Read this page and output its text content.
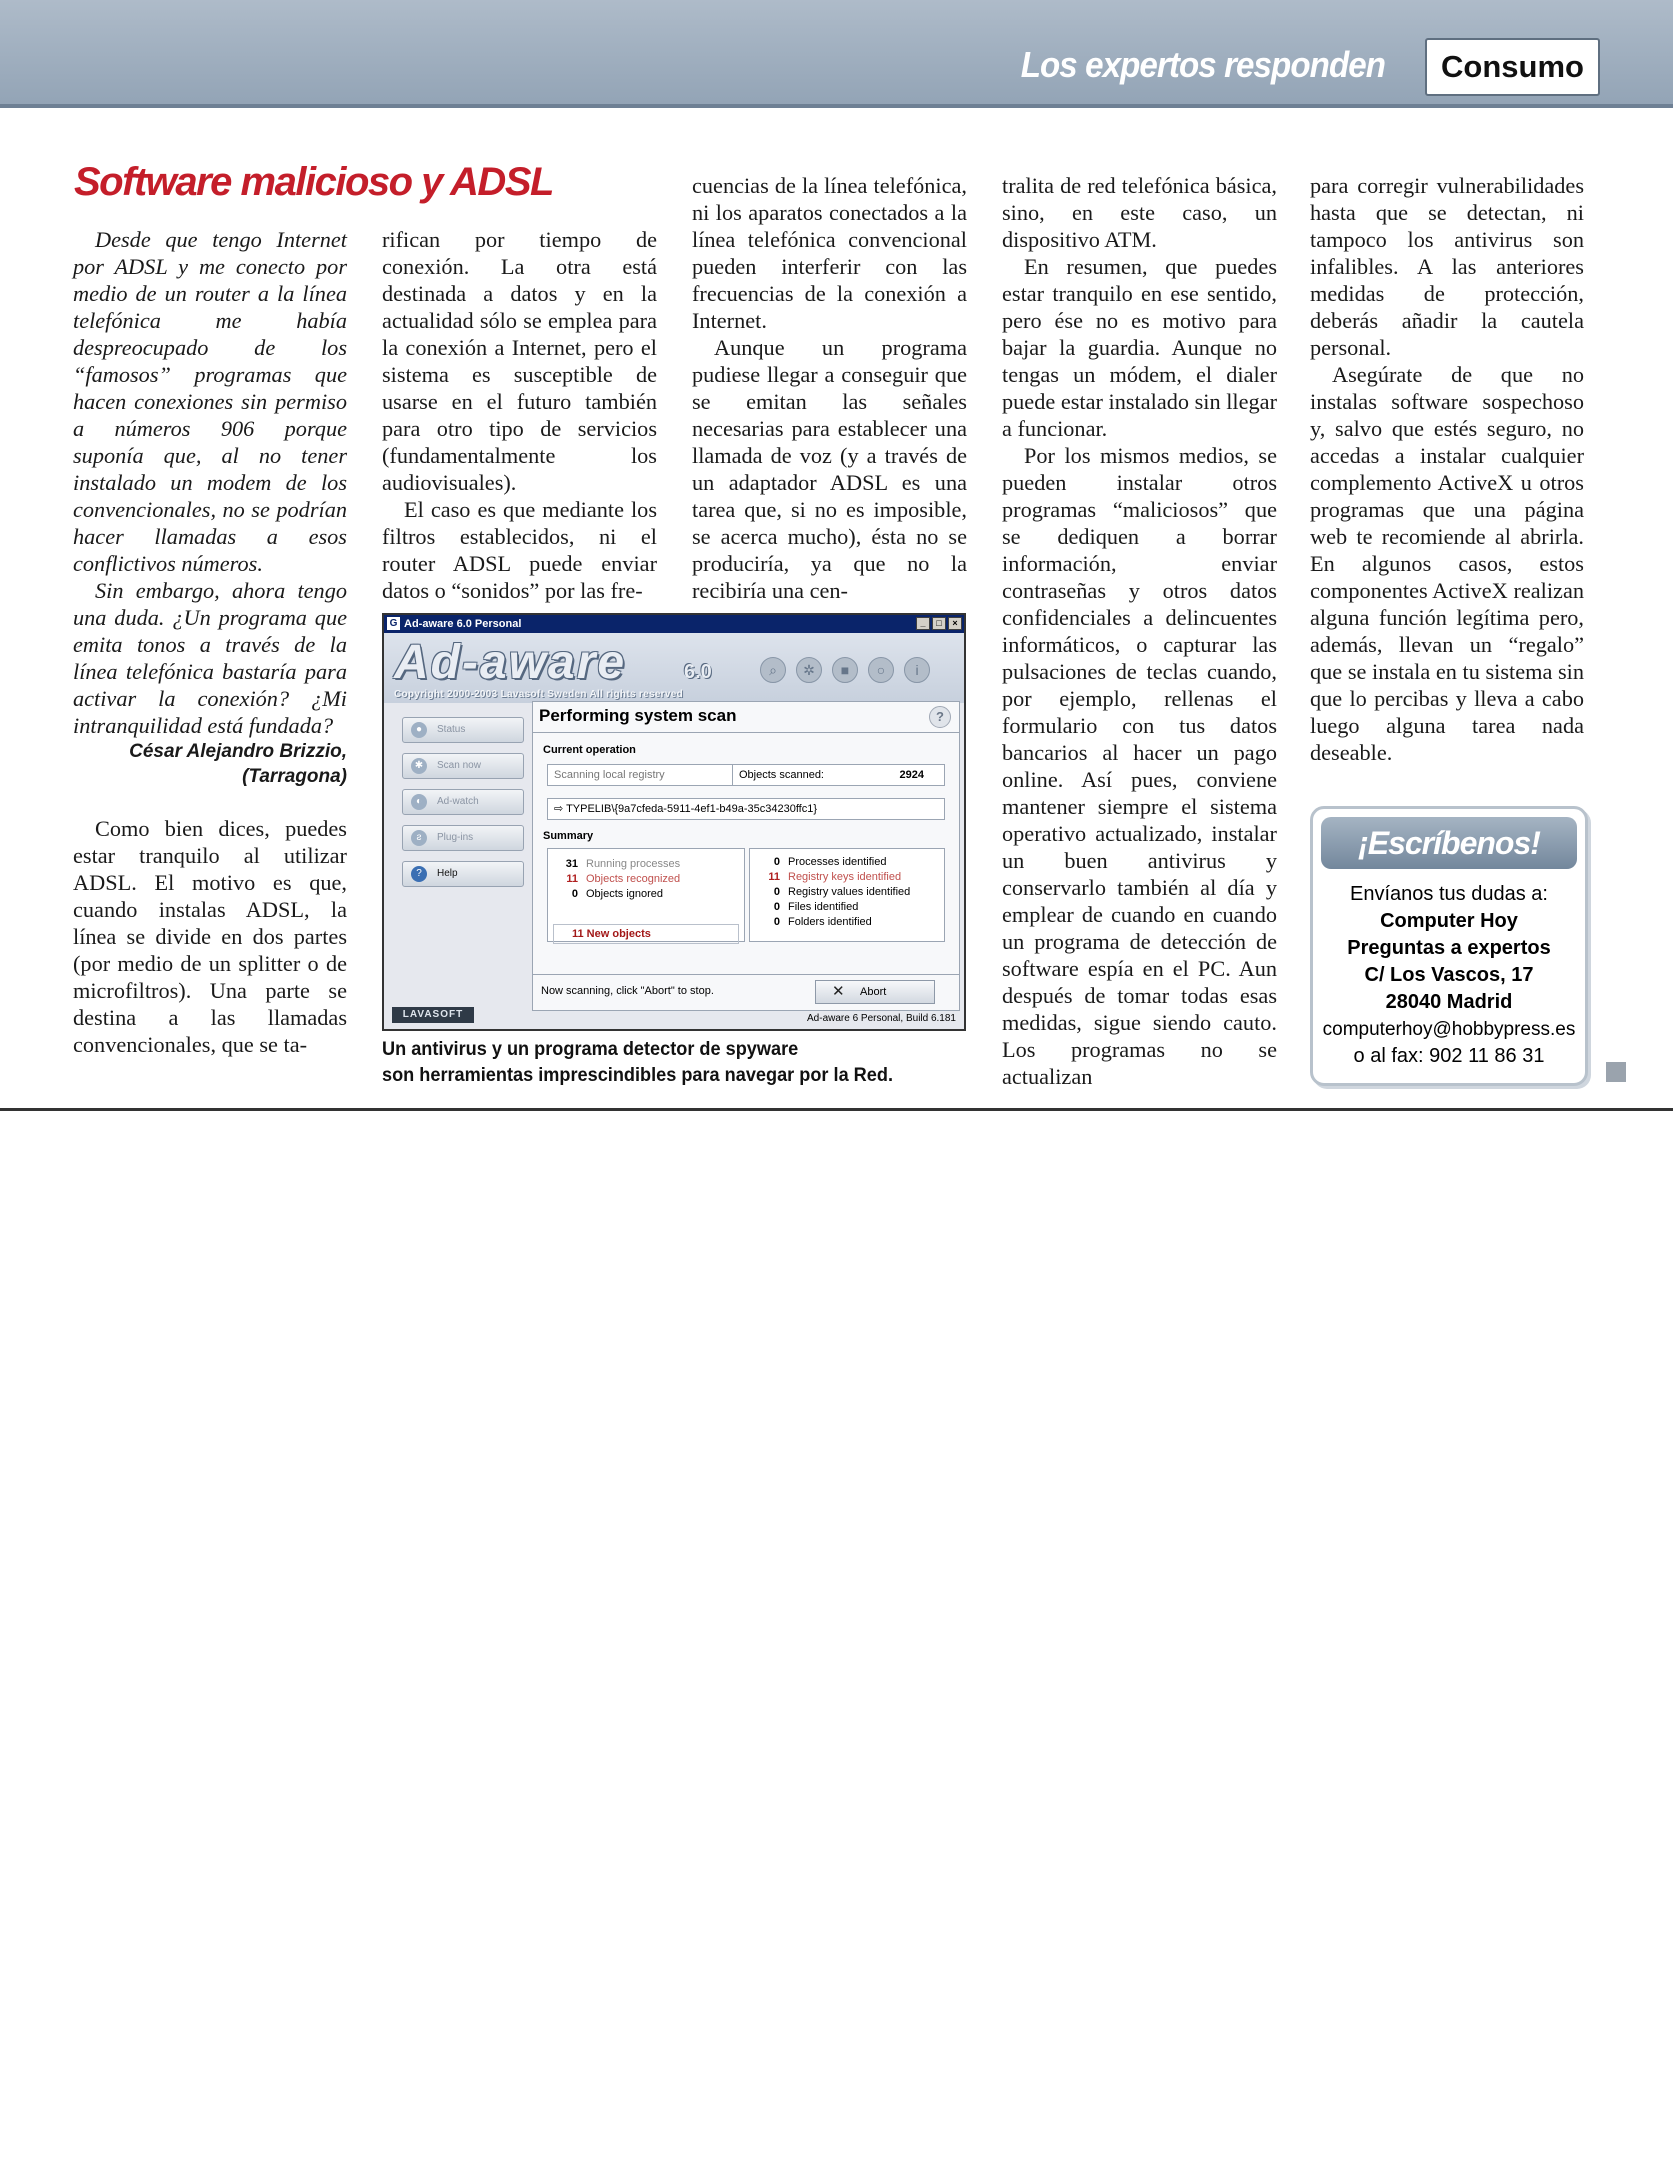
Los expertos responden	Consumo
Software malicioso y ADSL

Desde que tengo Internet por ADSL y me conecto por medio de un router a la línea telefónica me había despreocupado de los “famosos” programas que hacen conexiones sin permiso a números 906 porque suponía que, al no tener instalado un modem de los convencionales, no se podrían hacer llamadas a esos conflictivos números.

Sin embargo, ahora tengo una duda. ¿Un programa que emita tonos a través de la línea telefónica bastaría para activar la conexión? ¿Mi intranquilidad está fundada?

César Alejandro Brizzio,
(Tarragona)

Como bien dices, puedes estar tranquilo al utilizar ADSL. El motivo es que, cuando instalas ADSL, la línea se divide en dos partes (por medio de un splitter o de microfiltros). Una parte se destina a las llamadas convencionales, que se ta-

rifican por tiempo de conexión. La otra está destinada a datos y en la actualidad sólo se emplea para la conexión a Internet, pero el sistema es susceptible de usarse en el futuro también para otro tipo de servicios (fundamentalmente los audiovisuales).

El caso es que mediante los filtros establecidos, ni el router ADSL puede enviar datos o “sonidos” por las fre-

cuencias de la línea telefónica, ni los aparatos conectados a la línea telefónica convencional pueden interferir con las frecuencias de la conexión a Internet.

Aunque un programa pudiese llegar a conseguir que se emitan las señales necesarias para establecer una llamada de voz (y a través de un adaptador ADSL es una tarea que, si no es imposible, se acerca mucho), ésta no se produciría, ya que no la recibiría una cen-

tralita de red telefónica básica, sino, en este caso, un dispositivo ATM.

En resumen, que puedes estar tranquilo en ese sentido, pero ése no es motivo para bajar la guardia. Aunque no tengas un módem, el dialer puede estar instalado sin llegar a funcionar.

Por los mismos medios, se pueden instalar otros programas “maliciosos” que se dediquen a borrar información, enviar contraseñas y otros datos confidenciales a delincuentes informáticos, o capturar las pulsaciones de teclas cuando, por ejemplo, rellenas el formulario con tus datos bancarios al hacer un pago online. Así pues, conviene mantener siempre el sistema operativo actualizado, instalar un buen antivirus y conservarlo también al día y emplear de cuando en cuando un programa de detección de software espía en el PC. Aun después de tomar todas esas medidas, sigue siendo cauto. Los programas no se actualizan

para corregir vulnerabilidades hasta que se detectan, ni tampoco los antivirus son infalibles. A las anteriores medidas de protección, deberás añadir la cautela personal.

Asegúrate de que no instalas software sospechoso y, salvo que estés seguro, no accedas a instalar cualquier complemento ActiveX u otros programas que una página web te recomiende al abrirla. En algunos casos, estos componentes ActiveX realizan alguna función legítima pero, además, llevan un “regalo” que se instala en tu sistema sin que lo percibas y lleva a cabo luego alguna tarea nada deseable.

G Ad-aware 6.0 Personal	_	□	×
Ad-aware	6.0
Copyright 2000-2003 Lavasoft Sweden All rights reserved
⌕	✲	■	○	i
●	Status
✱	Scan now
◐	Ad-watch
ƨ	Plug-ins
?	Help
Performing system scan	?
Current operation
Scanning local registry	Objects scanned:	2924
⇨ TYPELIB\{9a7cfeda-5911-4ef1-b49a-35c34230ffc1}
Summary
31 Running processes
11 Objects recognized
0 Objects ignored
11 New objects
0 Processes identified
11 Registry keys identified
0 Registry values identified
0 Files identified
0 Folders identified
Now scanning, click "Abort" to stop.	✕ Abort
LAVASOFT	Ad-aware 6 Personal, Build 6.181
Un antivirus y un programa detector de spyware
son herramientas imprescindibles para navegar por la Red.
¡Escríbenos!
Envíanos tus dudas a:
Computer Hoy
Preguntas a expertos
C/ Los Vascos, 17
28040 Madrid
computerhoy@hobbypress.es
o al fax: 902 11 86 31
